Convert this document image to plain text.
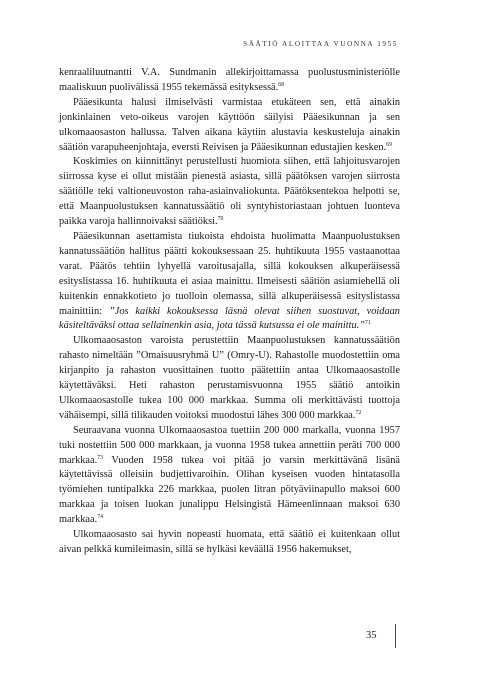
SÄÄTIÖ ALOITTAA VUONNA 1955

kenraaliluutnantti V.A. Sundmanin allekirjoittamassa puolustusministeriölle maaliskuun puolivälissä 1955 tekemässä esityksessä.$^{68}$

Pääesikunta halusi ilmiselvästi varmistaa etukäteen sen, että ainakin jonkinlainen veto-oikeus varojen käyttöön säilyisi Pääesikunnan ja sen ulkomaaosaston hallussa. Talven aikana käytiin alustavia keskusteluja ainakin säätiön varapuheenjohtaja, eversti Reivisen ja Pääesikunnan edustajien kesken.$^{69}$

Koskimies on kiinnittänyt perustellusti huomiota siihen, että lahjoitusvarojen siirrossa kyse ei ollut mistään pienestä asiasta, sillä päätöksen varojen siirrosta säätiölle teki valtioneuvoston raha-asiainvaliokunta. Päätöksentekoa helpotti se, että Maanpuolustuksen kannatussäätiö oli syntyhistoriastaan johtuen luonteva paikka varoja hallinnoivaksi säätiöksi.$^{70}$

Pääesikunnan asettamista tiukoista ehdoista huolimatta Maanpuolustuksen kannatussäätiön hallitus päätti kokouksessaan 25. huhtikuuta 1955 vastaanottaa varat. Päätös tehtiin lyhyellä varoitusajalla, sillä kokouksen alkuperäisessä esityslistassa 16. huhtikuuta ei asiaa mainittu. Ilmeisesti säätiön asiamiehellä oli kuitenkin ennakkotieto jo tuolloin olemassa, sillä alkuperäisessä esityslistassa mainittiin: ”Jos kaikki kokouksessa läsnä olevat siihen suostuvat, voidaan käsiteltäväksi ottaa sellainenkin asia, jota tässä kutsussa ei ole mainittu.”$^{71}$

Ulkomaaosaston varoista perustettiin Maanpuolustuksen kannatussäätiön rahasto nimeltään ”Omaisuusryhmä U” (Omry-U). Rahastolle muodostettiin oma kirjanpito ja rahaston vuosittainen tuotto päätettiin antaa Ulkomaaosastolle käytettäväksi. Heti rahaston perustamisvuonna 1955 säätiö antoikin Ulkomaaosastolle tukea 100 000 markkaa. Summa oli merkittävästi tuottoja vähäisempi, sillä tilikauden voitoksi muodostui lähes 300 000 markkaa.$^{72}$

Seuraavana vuonna Ulkomaaosastoa tuettiin 200 000 markalla, vuonna 1957 tuki nostettiin 500 000 markkaan, ja vuonna 1958 tukea annettiin peräti 700 000 markkaa.$^{73}$ Vuoden 1958 tukea voi pitää jo varsin merkittävänä lisänä käytettävissä olleisiin budjettivaroihin. Olihan kyseisen vuoden hintatasolla työmiehen tuntipalkka 226 markkaa, puolen litran pötyäviinapullo maksoi 600 markkaa ja toisen luokan junalippu Helsingistä Hämeenlinnaan maksoi 630 markkaa.$^{74}$

Ulkomaaosasto sai hyvin nopeasti huomata, että säätiö ei kuitenkaan ollut aivan pelkkä kumileimasin, sillä se hylkäsi keväällä 1956 hakemukset,

35
